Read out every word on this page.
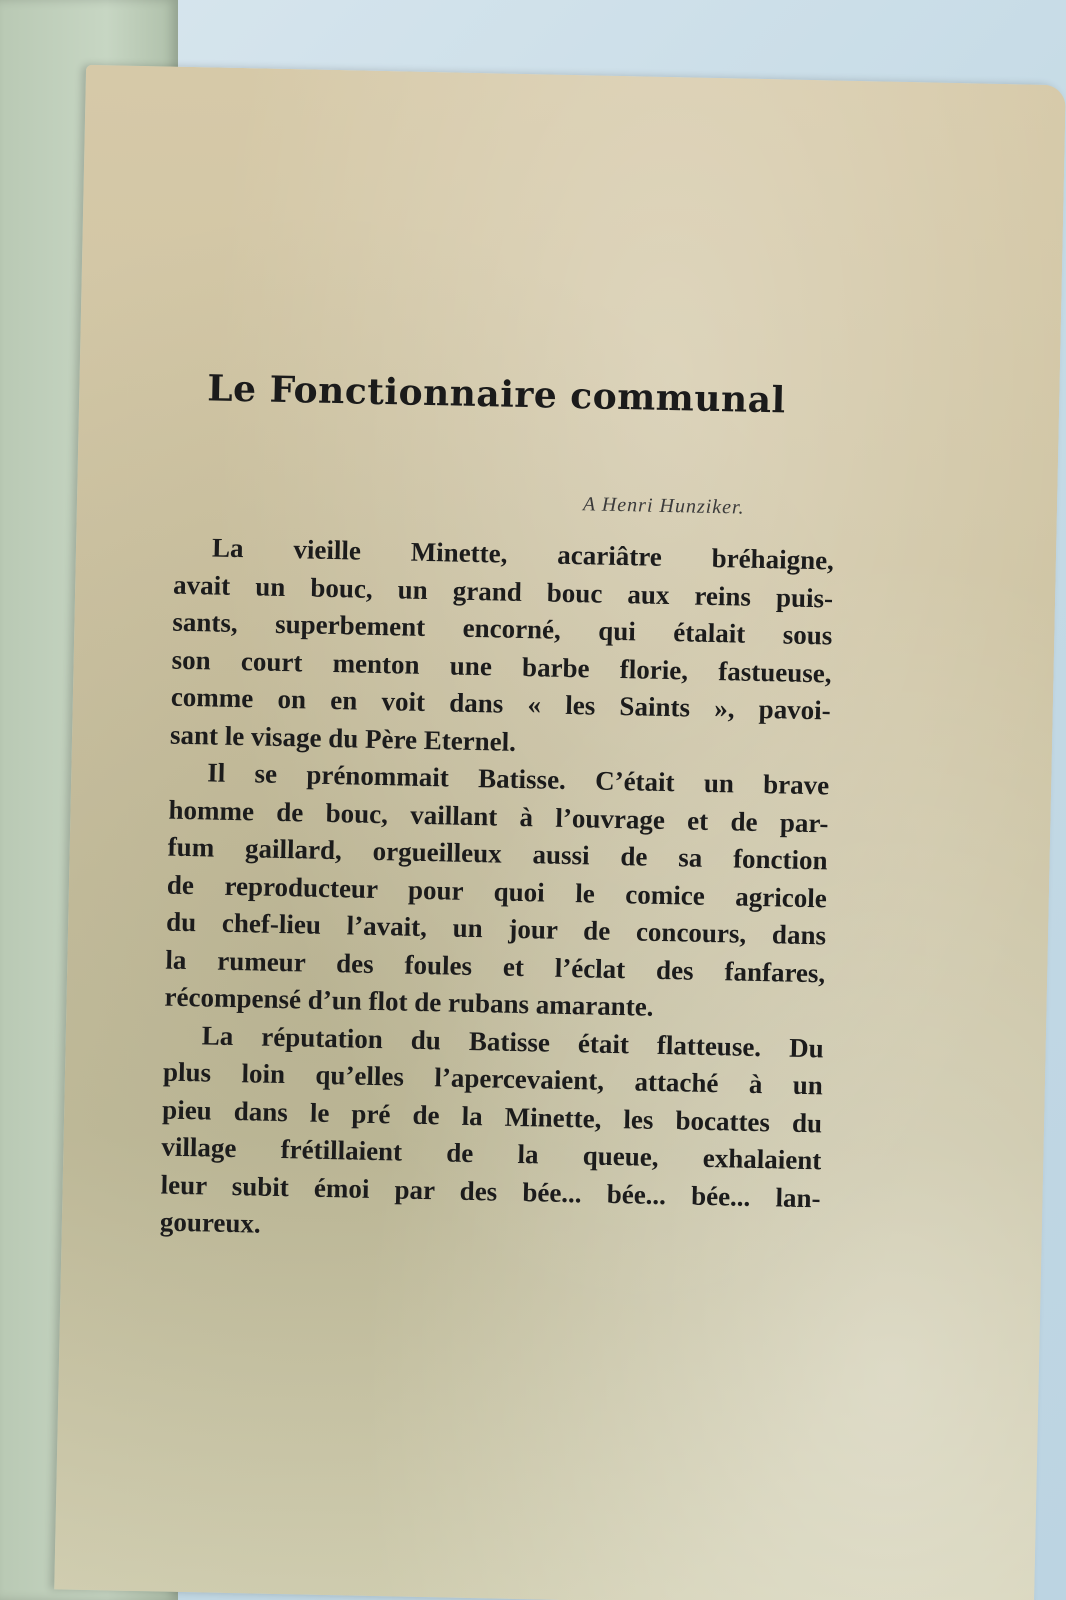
Le Fonctionnaire communal

A Henri Hunziker.

La vieille Minette, acariâtre bréhaigne,
avait un bouc, un grand bouc aux reins puis-
sants, superbement encorné, qui étalait sous
son court menton une barbe florie, fastueuse,
comme on en voit dans « les Saints », pavoi-
sant le visage du Père Eternel.
Il se prénommait Batisse. C’était un brave
homme de bouc, vaillant à l’ouvrage et de par-
fum gaillard, orgueilleux aussi de sa fonction
de reproducteur pour quoi le comice agricole
du chef-lieu l’avait, un jour de concours, dans
la rumeur des foules et l’éclat des fanfares,
récompensé d’un flot de rubans amarante.
La réputation du Batisse était flatteuse. Du
plus loin qu’elles l’apercevaient, attaché à un
pieu dans le pré de la Minette, les bocattes du
village frétillaient de la queue, exhalaient
leur subit émoi par des bée... bée... bée... lan-
goureux.
